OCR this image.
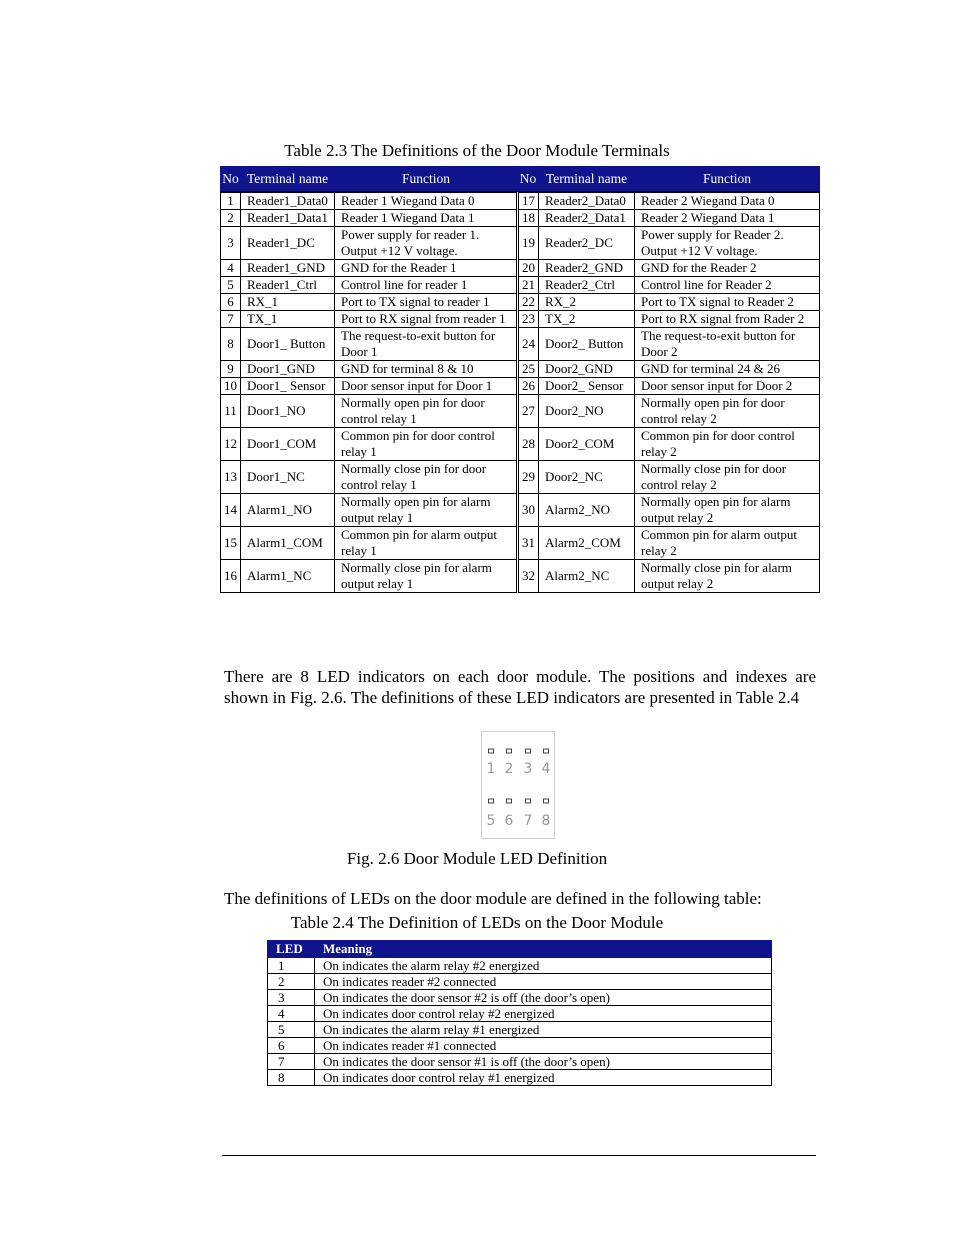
Table 2.3 The Definitions of the Door Module Terminals
No	Terminal name	Function	No	Terminal name	Function
1	Reader1_Data0	Reader 1 Wiegand Data 0	17	Reader2_Data0	Reader 2 Wiegand Data 0
2	Reader1_Data1	Reader 1 Wiegand Data 1	18	Reader2_Data1	Reader 2 Wiegand Data 1
3	Reader1_DC	Power supply for reader 1. Output +12 V voltage.	19	Reader2_DC	Power supply for Reader 2. Output +12 V voltage.
4	Reader1_GND	GND for the Reader 1	20	Reader2_GND	GND for the Reader 2
5	Reader1_Ctrl	Control line for reader 1	21	Reader2_Ctrl	Control line for Reader 2
6	RX_1	Port to TX signal to reader 1	22	RX_2	Port to TX signal to Reader 2
7	TX_1	Port to RX signal from reader 1	23	TX_2	Port to RX signal from Rader 2
8	Door1_ Button	The request-to-exit button for Door 1	24	Door2_ Button	The request-to-exit button for Door 2
9	Door1_GND	GND for terminal 8 & 10	25	Door2_GND	GND for terminal 24 & 26
10	Door1_ Sensor	Door sensor input for Door 1	26	Door2_ Sensor	Door sensor input for Door 2
11	Door1_NO	Normally open pin for door control relay 1	27	Door2_NO	Normally open pin for door control relay 2
12	Door1_COM	Common pin for door control relay 1	28	Door2_COM	Common pin for door control relay 2
13	Door1_NC	Normally close pin for door control relay 1	29	Door2_NC	Normally close pin for door control relay 2
14	Alarm1_NO	Normally open pin for alarm output relay 1	30	Alarm2_NO	Normally open pin for alarm output relay 2
15	Alarm1_COM	Common pin for alarm output relay 1	31	Alarm2_COM	Common pin for alarm output relay 2
16	Alarm1_NC	Normally close pin for alarm output relay 1	32	Alarm2_NC	Normally close pin for alarm output relay 2
There are 8 LED indicators on each door module. The positions and indexes are shown in Fig. 2.6. The definitions of these LED indicators are presented in Table 2.4
1 2 3 4
5 6 7 8
Fig. 2.6 Door Module LED Definition
The definitions of LEDs on the door module are defined in the following table:
Table 2.4 The Definition of LEDs on the Door Module
LED	Meaning
1	On indicates the alarm relay #2 energized
2	On indicates reader #2 connected
3	On indicates the door sensor #2 is off (the door’s open)
4	On indicates door control relay #2 energized
5	On indicates the alarm relay #1 energized
6	On indicates reader #1 connected
7	On indicates the door sensor #1 is off (the door’s open)
8	On indicates door control relay #1 energized
